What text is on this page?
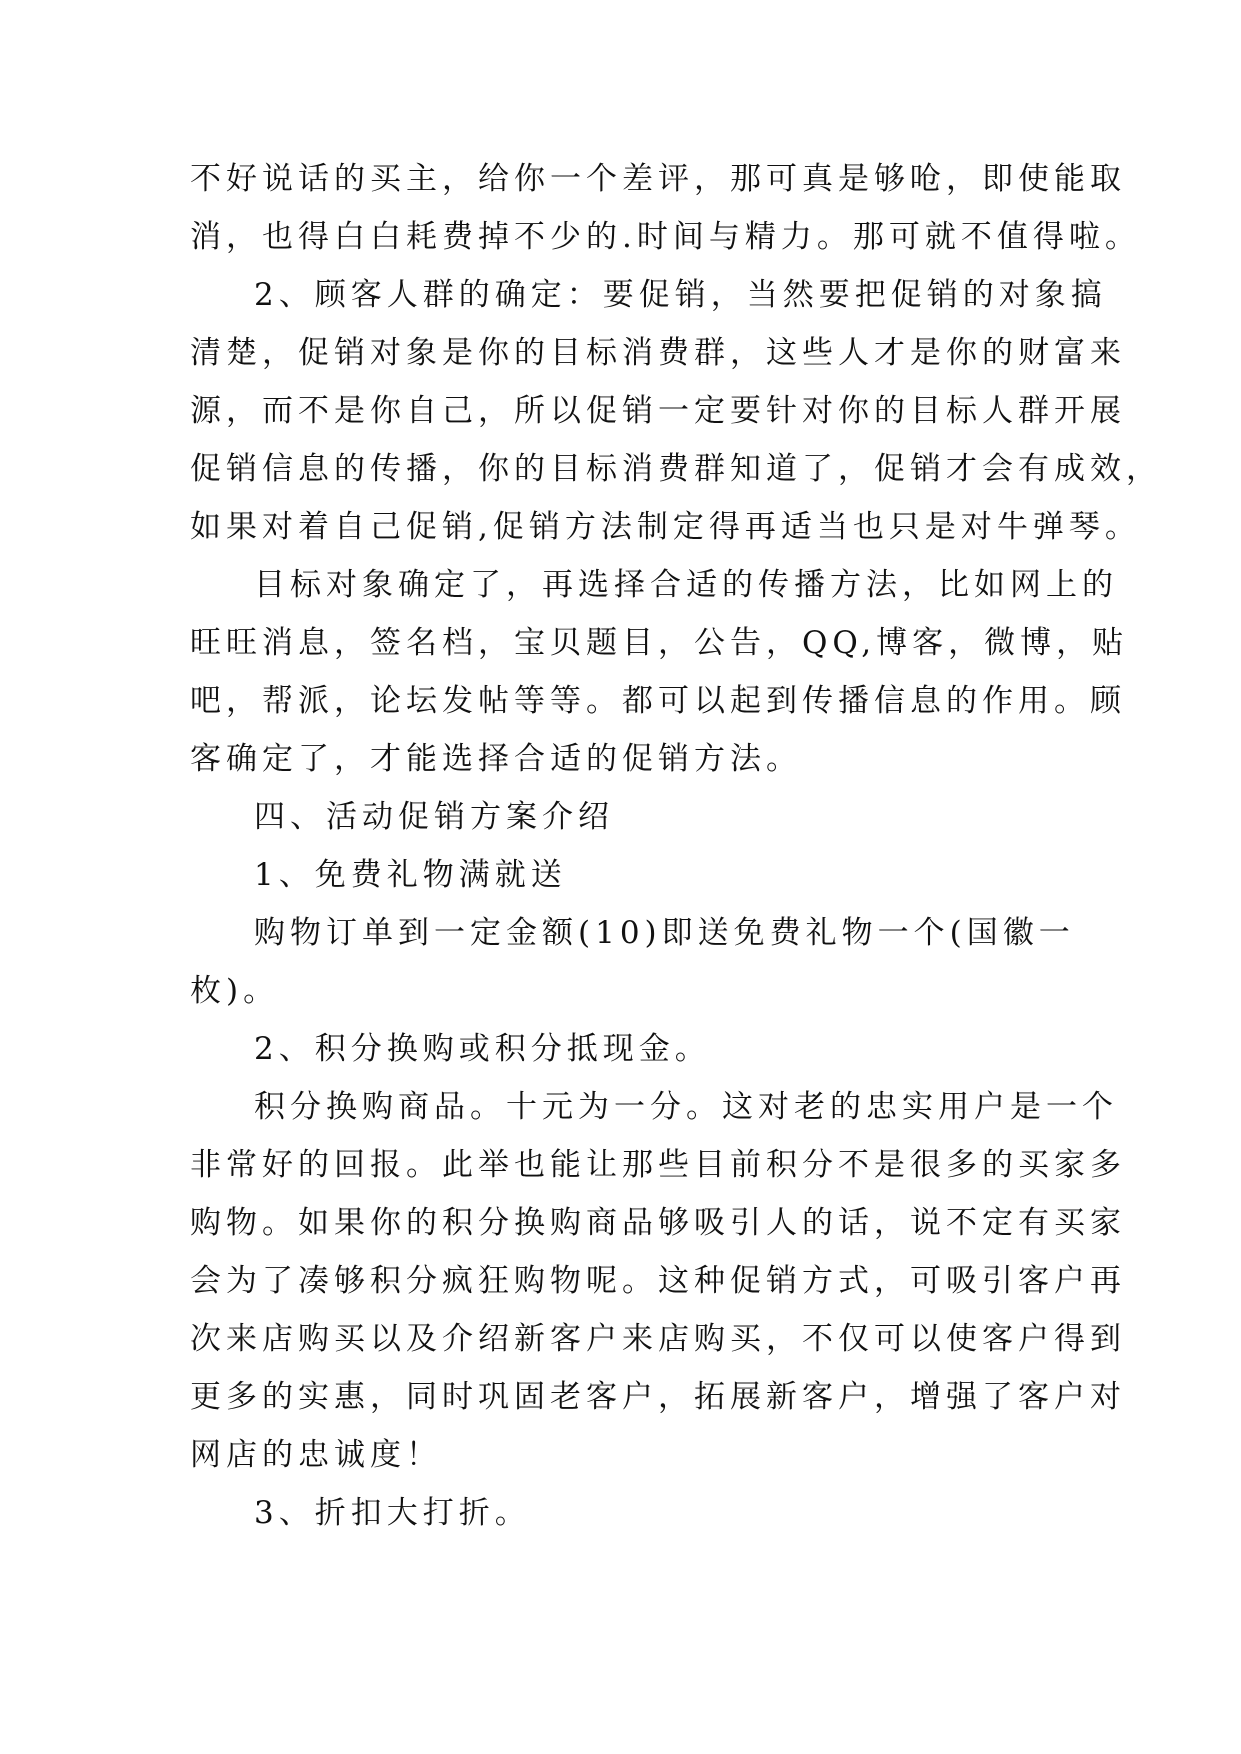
不好说话的买主，给你一个差评，那可真是够呛，即使能取
消，也得白白耗费掉不少的.时间与精力。那可就不值得啦。
2、顾客人群的确定：要促销，当然要把促销的对象搞
清楚，促销对象是你的目标消费群，这些人才是你的财富来
源，而不是你自己，所以促销一定要针对你的目标人群开展
促销信息的传播，你的目标消费群知道了，促销才会有成效，
如果对着自己促销,促销方法制定得再适当也只是对牛弹琴。
目标对象确定了，再选择合适的传播方法，比如网上的
旺旺消息，签名档，宝贝题目，公告，QQ,博客，微博，贴
吧，帮派，论坛发帖等等。都可以起到传播信息的作用。顾
客确定了，才能选择合适的促销方法。
四、活动促销方案介绍
1、免费礼物满就送
购物订单到一定金额(10)即送免费礼物一个(国徽一
枚)。
2、积分换购或积分抵现金。
积分换购商品。十元为一分。这对老的忠实用户是一个
非常好的回报。此举也能让那些目前积分不是很多的买家多
购物。如果你的积分换购商品够吸引人的话，说不定有买家
会为了凑够积分疯狂购物呢。这种促销方式，可吸引客户再
次来店购买以及介绍新客户来店购买，不仅可以使客户得到
更多的实惠，同时巩固老客户，拓展新客户，增强了客户对
网店的忠诚度！
3、折扣大打折。
